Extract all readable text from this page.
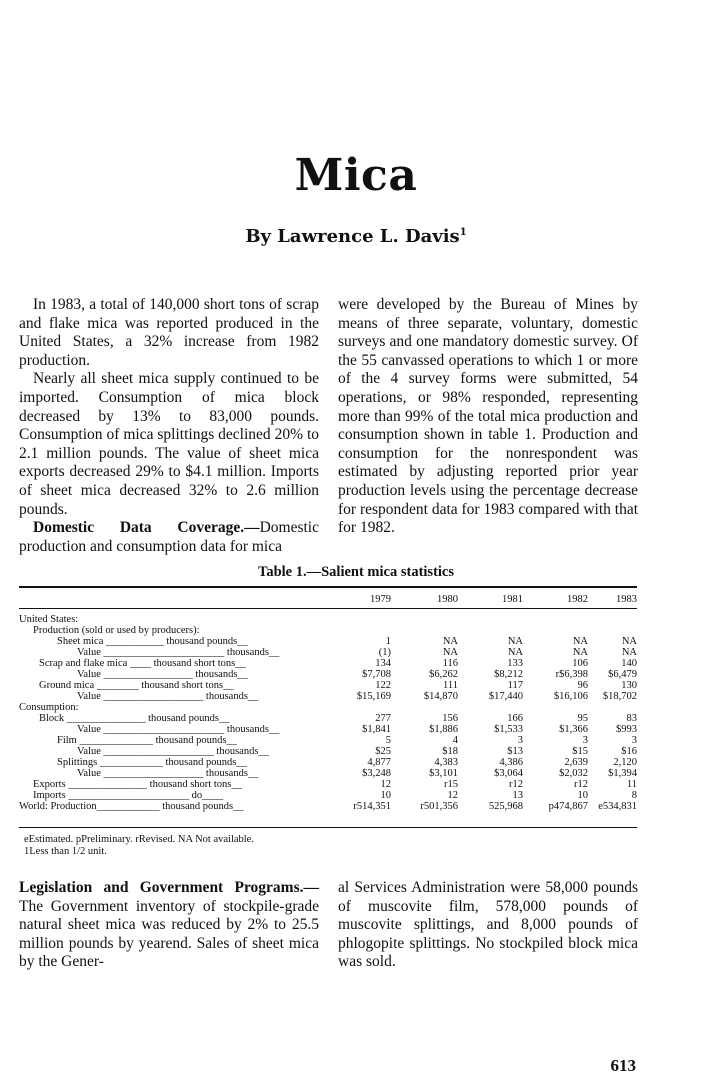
Mica
By Lawrence L. Davis$^1$

In 1983, a total of 140,000 short tons of scrap and flake mica was reported produced in the United States, a 32% increase from 1982 production.

Nearly all sheet mica supply continued to be imported. Consumption of mica block decreased by 13% to 83,000 pounds. Consumption of mica splittings declined 20% to 2.1 million pounds. The value of sheet mica exports decreased 29% to $4.1 million. Imports of sheet mica decreased 32% to 2.6 million pounds.

Domestic Data Coverage.—Domestic production and consumption data for mica

were developed by the Bureau of Mines by means of three separate, voluntary, domestic surveys and one mandatory domestic survey. Of the 55 canvassed operations to which 1 or more of the 4 survey forms were submitted, 54 operations, or 98% responded, representing more than 99% of the total mica production and consumption shown in table 1. Production and consumption for the nonrespondent was estimated by adjusting reported prior year production levels using the percentage decrease for respondent data for 1983 compared with that for 1982.

Table 1.—Salient mica statistics
1979	1980	1981	1982	1983
United States:
Production (sold or used by producers):
Sheet mica ___________ thousand pounds__	1	NA	NA	NA	NA
Value _______________________ thousands__	(1)	NA	NA	NA	NA
Scrap and flake mica ____ thousand short tons__	134	116	133	106	140
Value _________________ thousands__	$7,708	$6,262	$8,212	r$6,398	$6,479
Ground mica ________ thousand short tons__	122	111	117	96	130
Value ___________________ thousands__	$15,169	$14,870	$17,440	$16,106	$18,702
Consumption:
Block _______________ thousand pounds__	277	156	166	95	83
Value _______________________ thousands__	$1,841	$1,886	$1,533	$1,366	$993
Film ______________ thousand pounds__	5	4	3	3	3
Value _____________________ thousands__	$25	$18	$13	$15	$16
Splittings ____________ thousand pounds__	4,877	4,383	4,386	2,639	2,120
Value ___________________ thousands__	$3,248	$3,101	$3,064	$2,032	$1,394
Exports _______________ thousand short tons__	12	r15	r12	r12	11
Imports _______________________ do____	10	12	13	10	8
World: Production____________ thousand pounds__	r514,351	r501,356	525,968	p474,867 e534,831
eEstimated. pPreliminary. rRevised. NA Not available.
1Less than 1/2 unit.

Legislation and Government Programs.—The Government inventory of stockpile-grade natural sheet mica was reduced by 2% to 25.5 million pounds by yearend. Sales of sheet mica by the Gener-

al Services Administration were 58,000 pounds of muscovite film, 578,000 pounds of muscovite splittings, and 8,000 pounds of phlogopite splittings. No stockpiled block mica was sold.

613
